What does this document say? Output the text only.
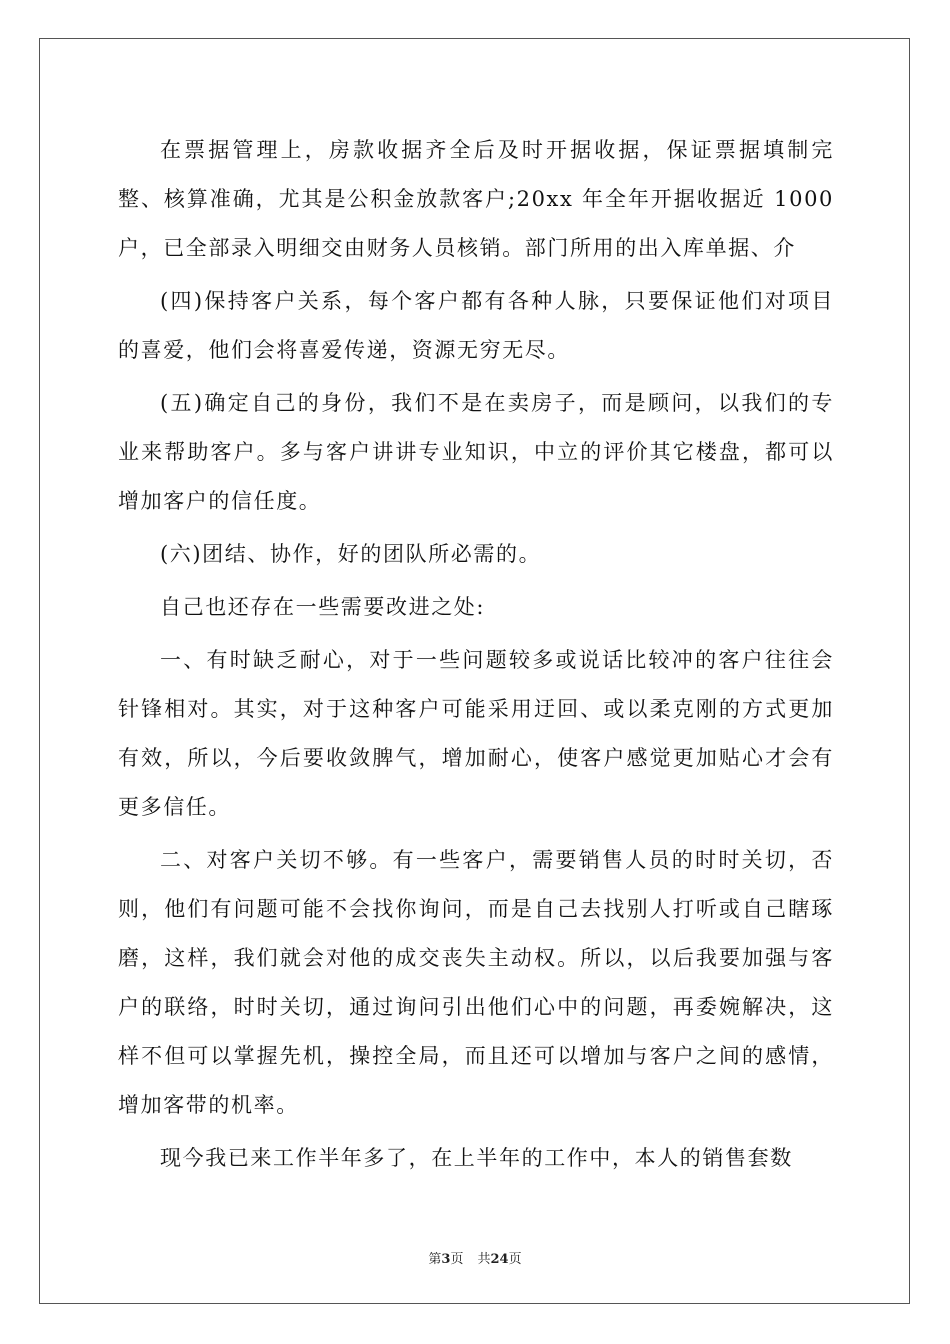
在票据管理上，房款收据齐全后及时开据收据，保证票据填制完整、核算准确，尤其是公积金放款客户;20xx 年全年开据收据近 1000 户，已全部录入明细交由财务人员核销。部门所用的出入库单据、介

(四)保持客户关系，每个客户都有各种人脉，只要保证他们对项目的喜爱，他们会将喜爱传递，资源无穷无尽。

(五)确定自己的身份，我们不是在卖房子，而是顾问，以我们的专业来帮助客户。多与客户讲讲专业知识，中立的评价其它楼盘，都可以增加客户的信任度。

(六)团结、协作，好的团队所必需的。

自己也还存在一些需要改进之处:

一、有时缺乏耐心，对于一些问题较多或说话比较冲的客户往往会针锋相对。其实，对于这种客户可能采用迂回、或以柔克刚的方式更加有效，所以，今后要收敛脾气，增加耐心，使客户感觉更加贴心才会有更多信任。

二、对客户关切不够。有一些客户，需要销售人员的时时关切，否则，他们有问题可能不会找你询问，而是自己去找别人打听或自己瞎琢磨，这样，我们就会对他的成交丧失主动权。所以，以后我要加强与客户的联络，时时关切，通过询问引出他们心中的问题，再委婉解决，这样不但可以掌握先机，操控全局，而且还可以增加与客户之间的感情，增加客带的机率。

现今我已来工作半年多了，在上半年的工作中，本人的销售套数

第3页 共24页
